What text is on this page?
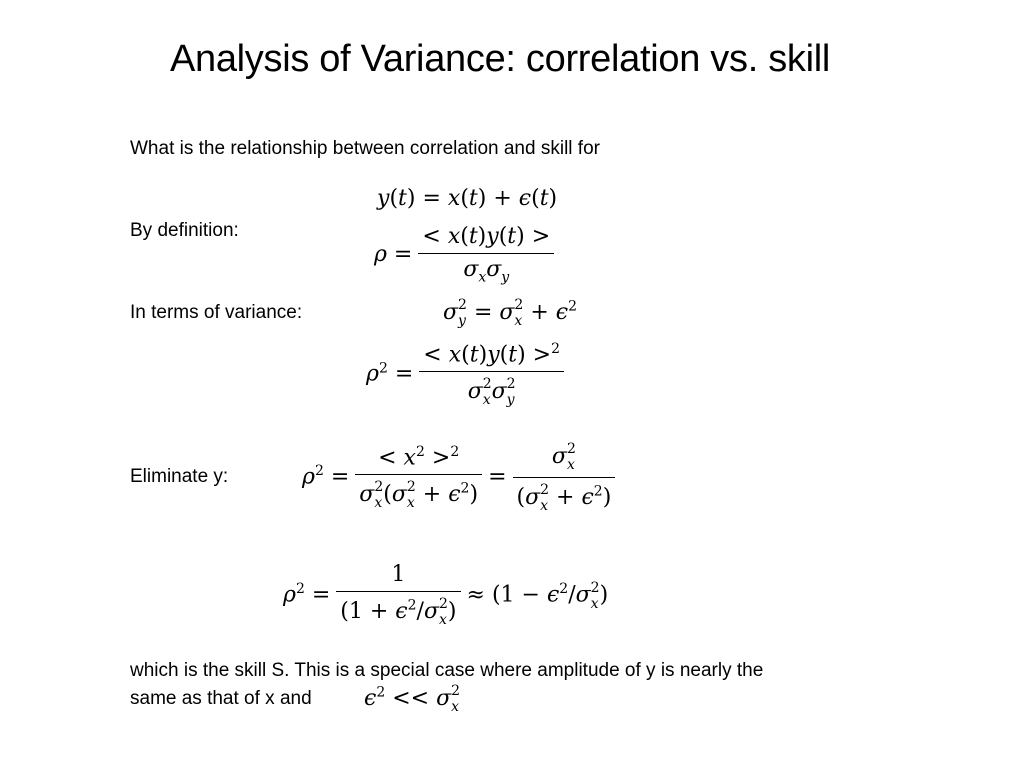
Analysis of Variance: correlation vs. skill
What is the relationship between correlation and skill for
y(t) = x(t) + ϵ(t)
By definition:
$\rho = \frac{< x(t)y(t) >}{\sigma_x\sigma_y}$
In terms of variance:	σ 2
y = σ 2
$x + \epsilon^2$
$\rho^2$ = < x(t)y(t) >$^2$
σ 2
x σ 2
y
Eliminate y:	$\rho^2$ = < $x^2 >^2$
σ 2
x (σ 2
$x + \epsilon^2) = \sigma$ 2
x
(σ 2
$x + \epsilon^2$)
$\rho^2 = 1$
($1 + \epsilon^2/\sigma$ 2
x ) ≈ ($1 - \epsilon^2/\sigma$ 2
x )
which is the skill S. This is a special case where amplitude of y is nearly the
same as that of x and $\epsilon^2 << \sigma$ 2
x
